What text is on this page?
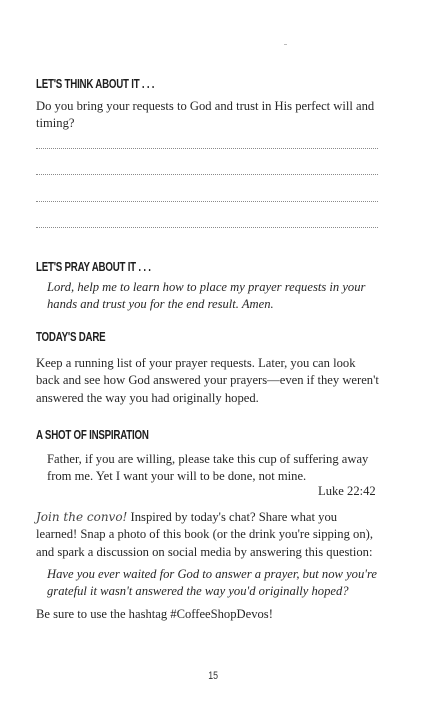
LET'S THINK ABOUT IT . . .
Do you bring your requests to God and trust in His perfect will and timing?
LET'S PRAY ABOUT IT . . .
Lord, help me to learn how to place my prayer requests in your hands and trust you for the end result. Amen.
TODAY'S DARE
Keep a running list of your prayer requests. Later, you can look back and see how God answered your prayers—even if they weren't answered the way you had originally hoped.
A SHOT OF INSPIRATION
Father, if you are willing, please take this cup of suffering away from me. Yet I want your will to be done, not mine.
Luke 22:42
Join the convo! Inspired by today's chat? Share what you learned! Snap a photo of this book (or the drink you're sipping on), and spark a discussion on social media by answering this question:
Have you ever waited for God to answer a prayer, but now you're grateful it wasn't answered the way you'd originally hoped?
Be sure to use the hashtag #CoffeeShopDevos!
15
